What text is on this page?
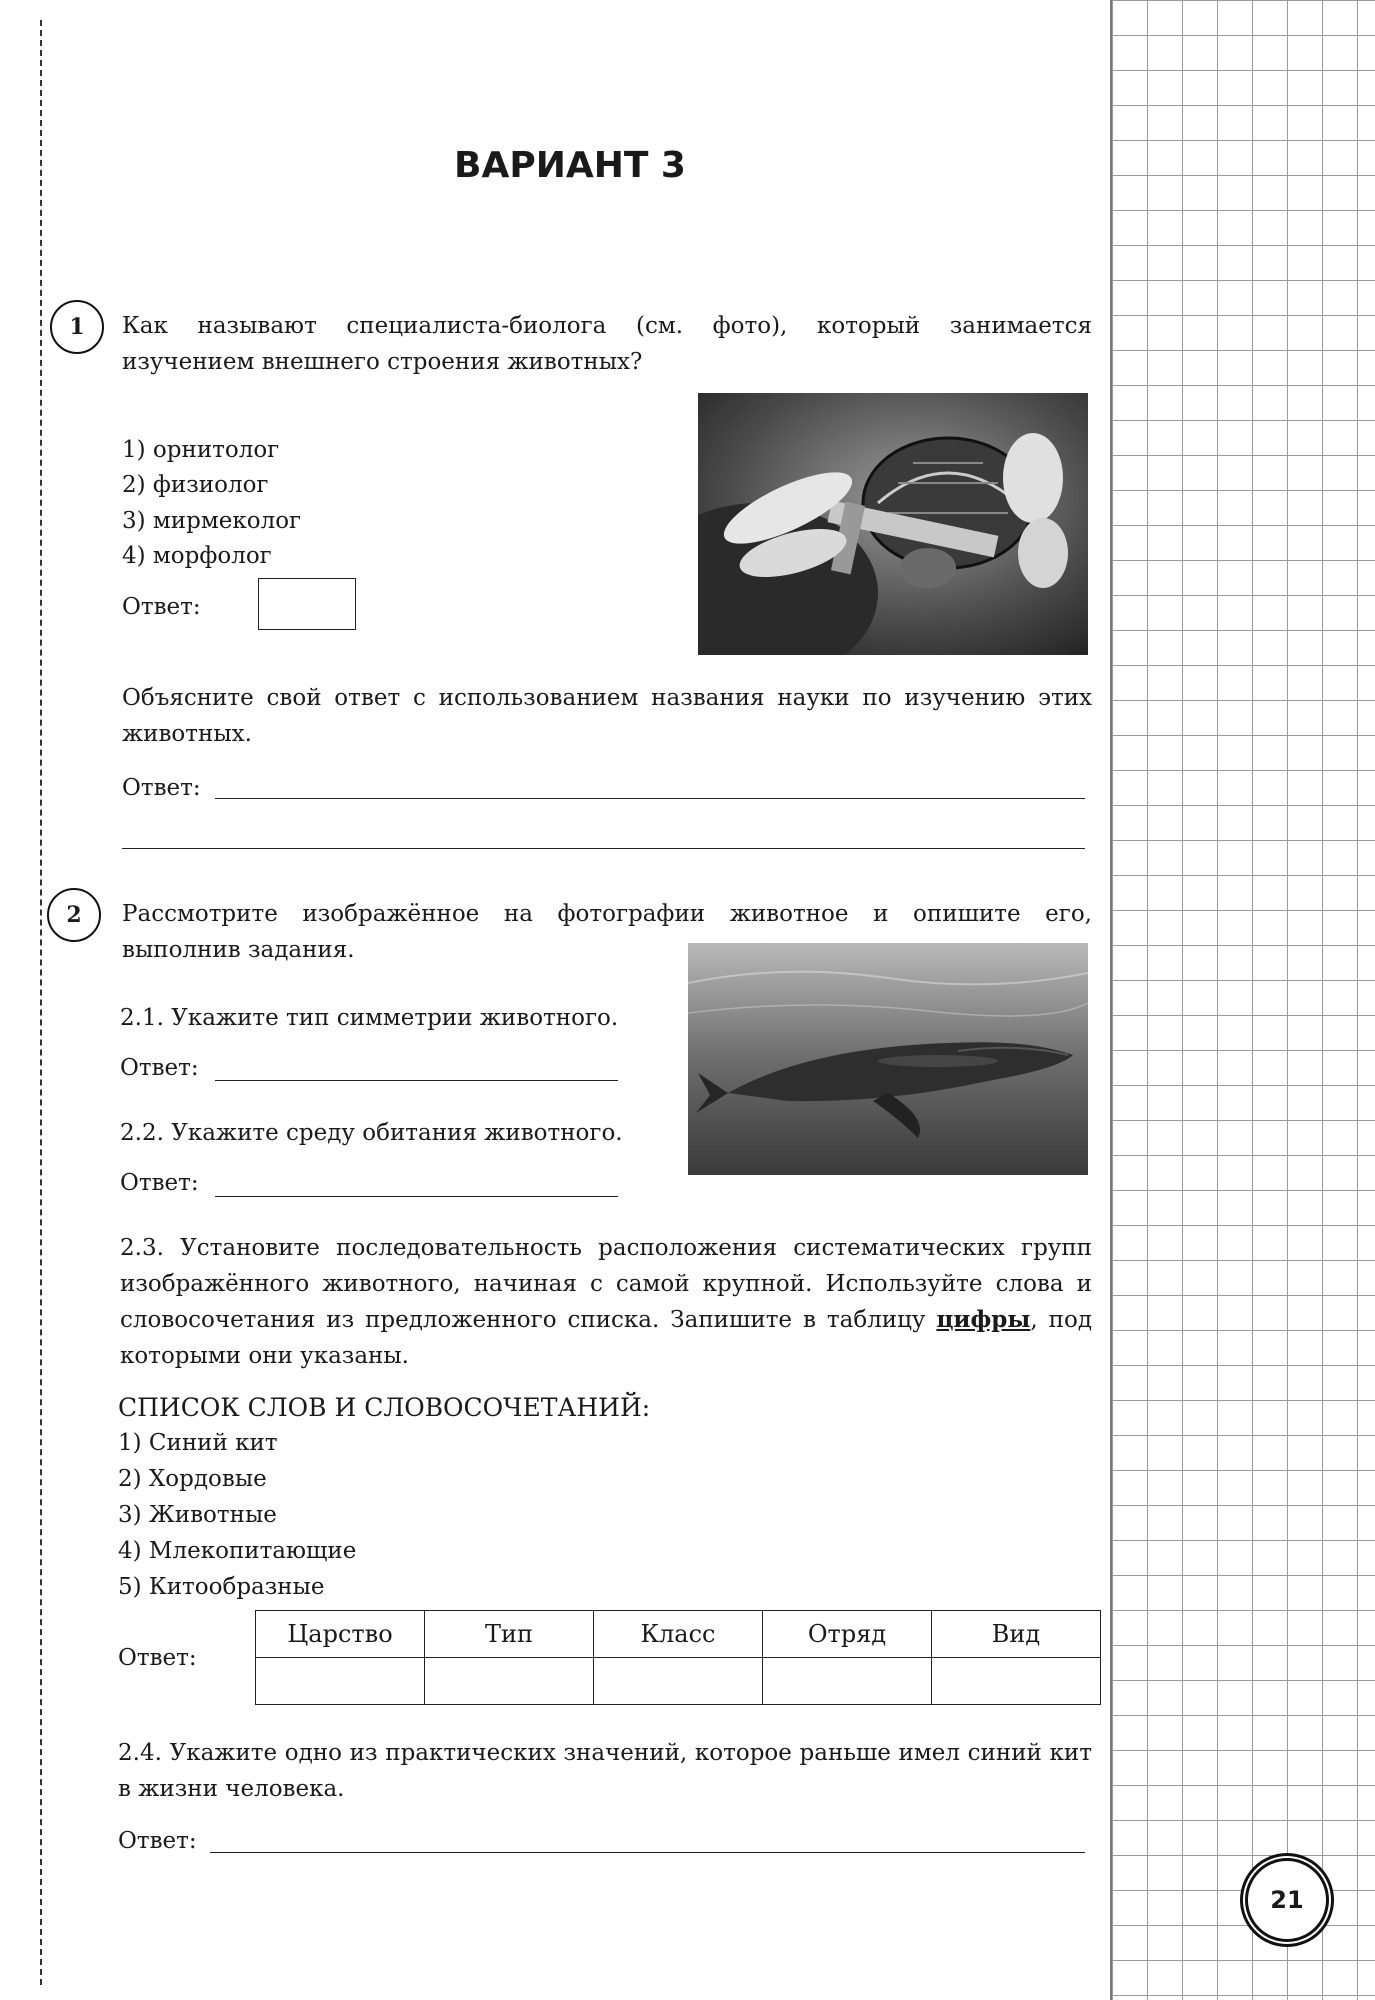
ВАРИАНТ 3
1	Как называют специалиста-биолога (см. фото), который занимается изучением внешнего строения животных?
1) орнитолог
2) физиолог
3) мирмеколог
4) морфолог
Ответ:
Объясните свой ответ с использованием названия науки по изучению этих животных.
Ответ:
2	Рассмотрите изображённое на фотографии животное и опишите его, выполнив задания.
2.1. Укажите тип симметрии животного.
Ответ:
2.2. Укажите среду обитания животного.
Ответ:
2.3. Установите последовательность расположения систематических групп изображённого животного, начиная с самой крупной. Используйте слова и словосочетания из предложенного списка. Запишите в таблицу цифры, под которыми они указаны.
СПИСОК СЛОВ И СЛОВОСОЧЕТАНИЙ:
1) Синий кит
2) Хордовые
3) Животные
4) Млекопитающие
5) Китообразные
Ответ:
Царство	Тип	Класс	Отряд	Вид

2.4. Укажите одно из практических значений, которое раньше имел синий кит в жизни человека.
Ответ:
21
